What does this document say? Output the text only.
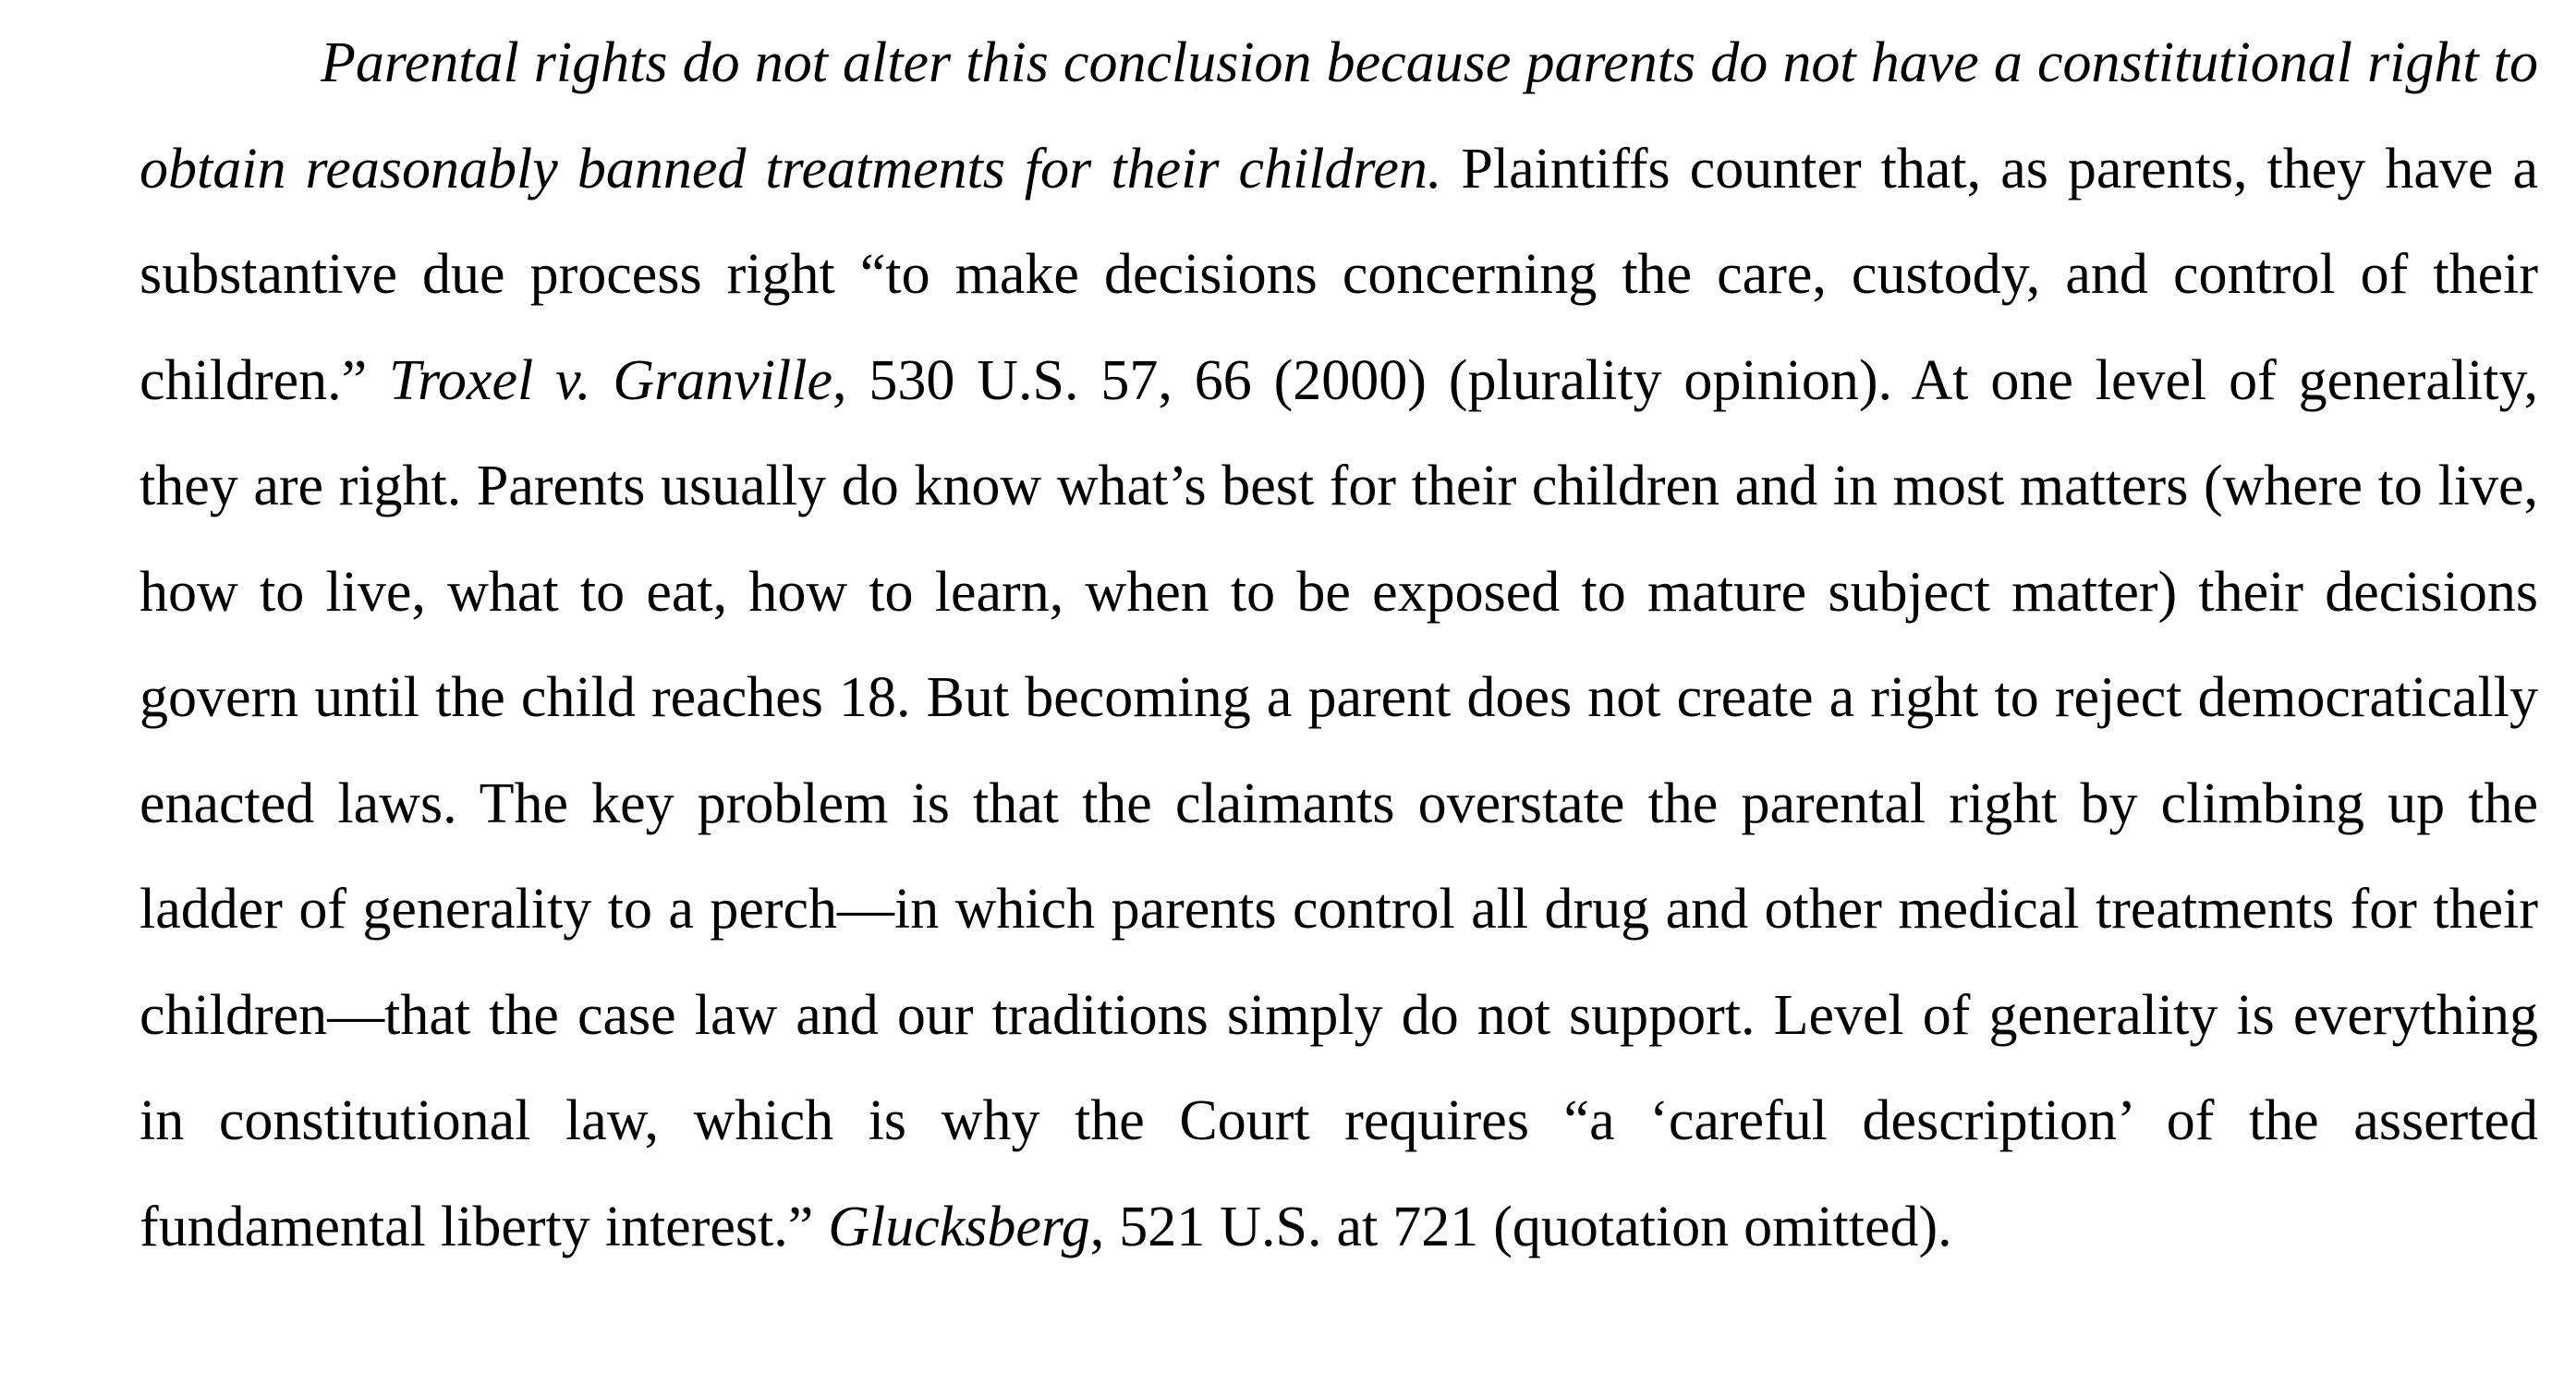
Parental rights do not alter this conclusion because parents do not have a constitutional right to obtain reasonably banned treatments for their children. Plaintiffs counter that, as parents, they have a substantive due process right “to make decisions concerning the care, custody, and control of their children.” Troxel v. Granville, 530 U.S. 57, 66 (2000) (plurality opinion). At one level of generality, they are right. Parents usually do know what’s best for their children and in most matters (where to live, how to live, what to eat, how to learn, when to be exposed to mature subject matter) their decisions govern until the child reaches 18. But becoming a parent does not create a right to reject democratically enacted laws. The key problem is that the claimants overstate the parental right by climbing up the ladder of generality to a perch—in which parents control all drug and other medical treatments for their children—that the case law and our traditions simply do not support. Level of generality is everything in constitutional law, which is why the Court requires “a ‘careful description’ of the asserted fundamental liberty interest.” Glucksberg, 521 U.S. at 721 (quotation omitted).
